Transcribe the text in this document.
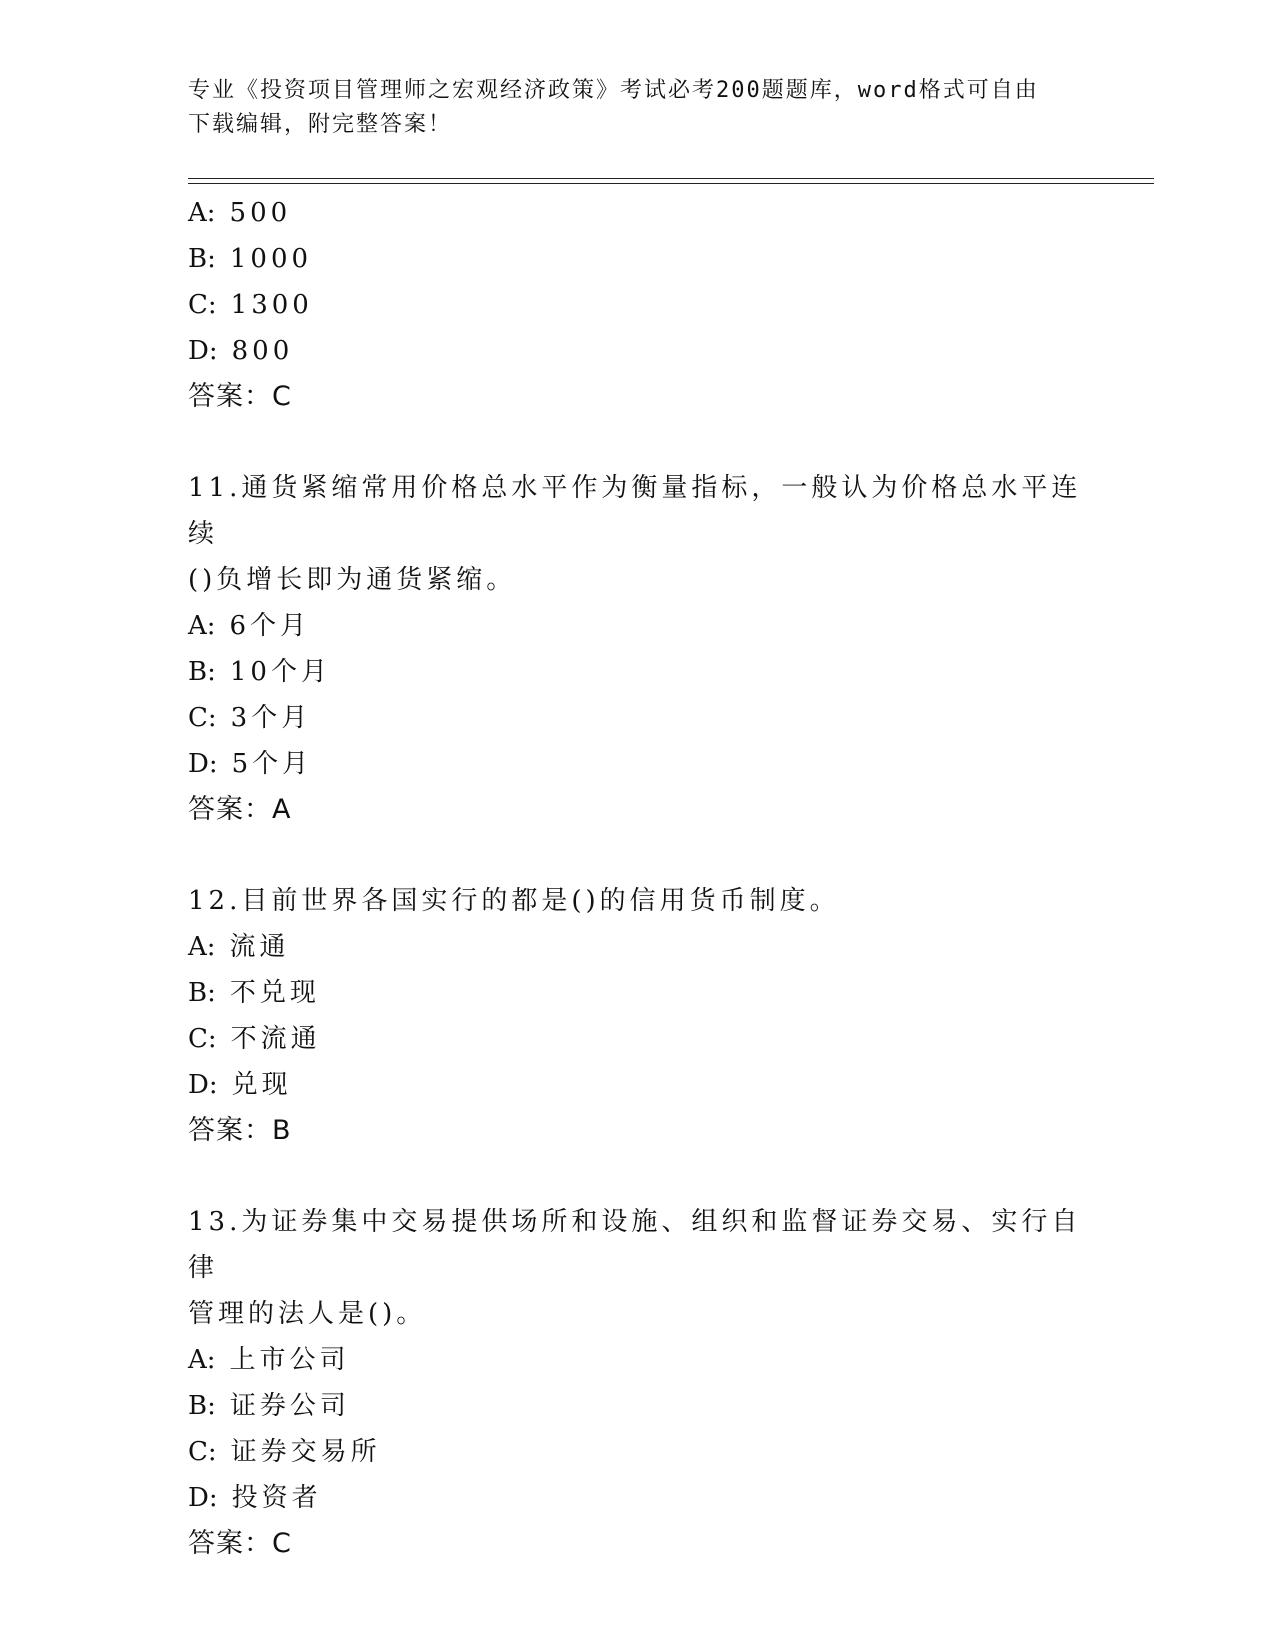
专业《投资项目管理师之宏观经济政策》考试必考200题题库，word格式可自由
下载编辑，附完整答案！
A: 500
B: 1000
C: 1300
D: 800
答案：C
11.通货紧缩常用价格总水平作为衡量指标，一般认为价格总水平连续
()负增长即为通货紧缩。
A: 6个月
B: 10个月
C: 3个月
D: 5个月
答案：A
12.目前世界各国实行的都是()的信用货币制度。
A: 流通
B: 不兑现
C: 不流通
D: 兑现
答案：B
13.为证券集中交易提供场所和设施、组织和监督证券交易、实行自律
管理的法人是()。
A: 上市公司
B: 证券公司
C: 证券交易所
D: 投资者
答案：C
